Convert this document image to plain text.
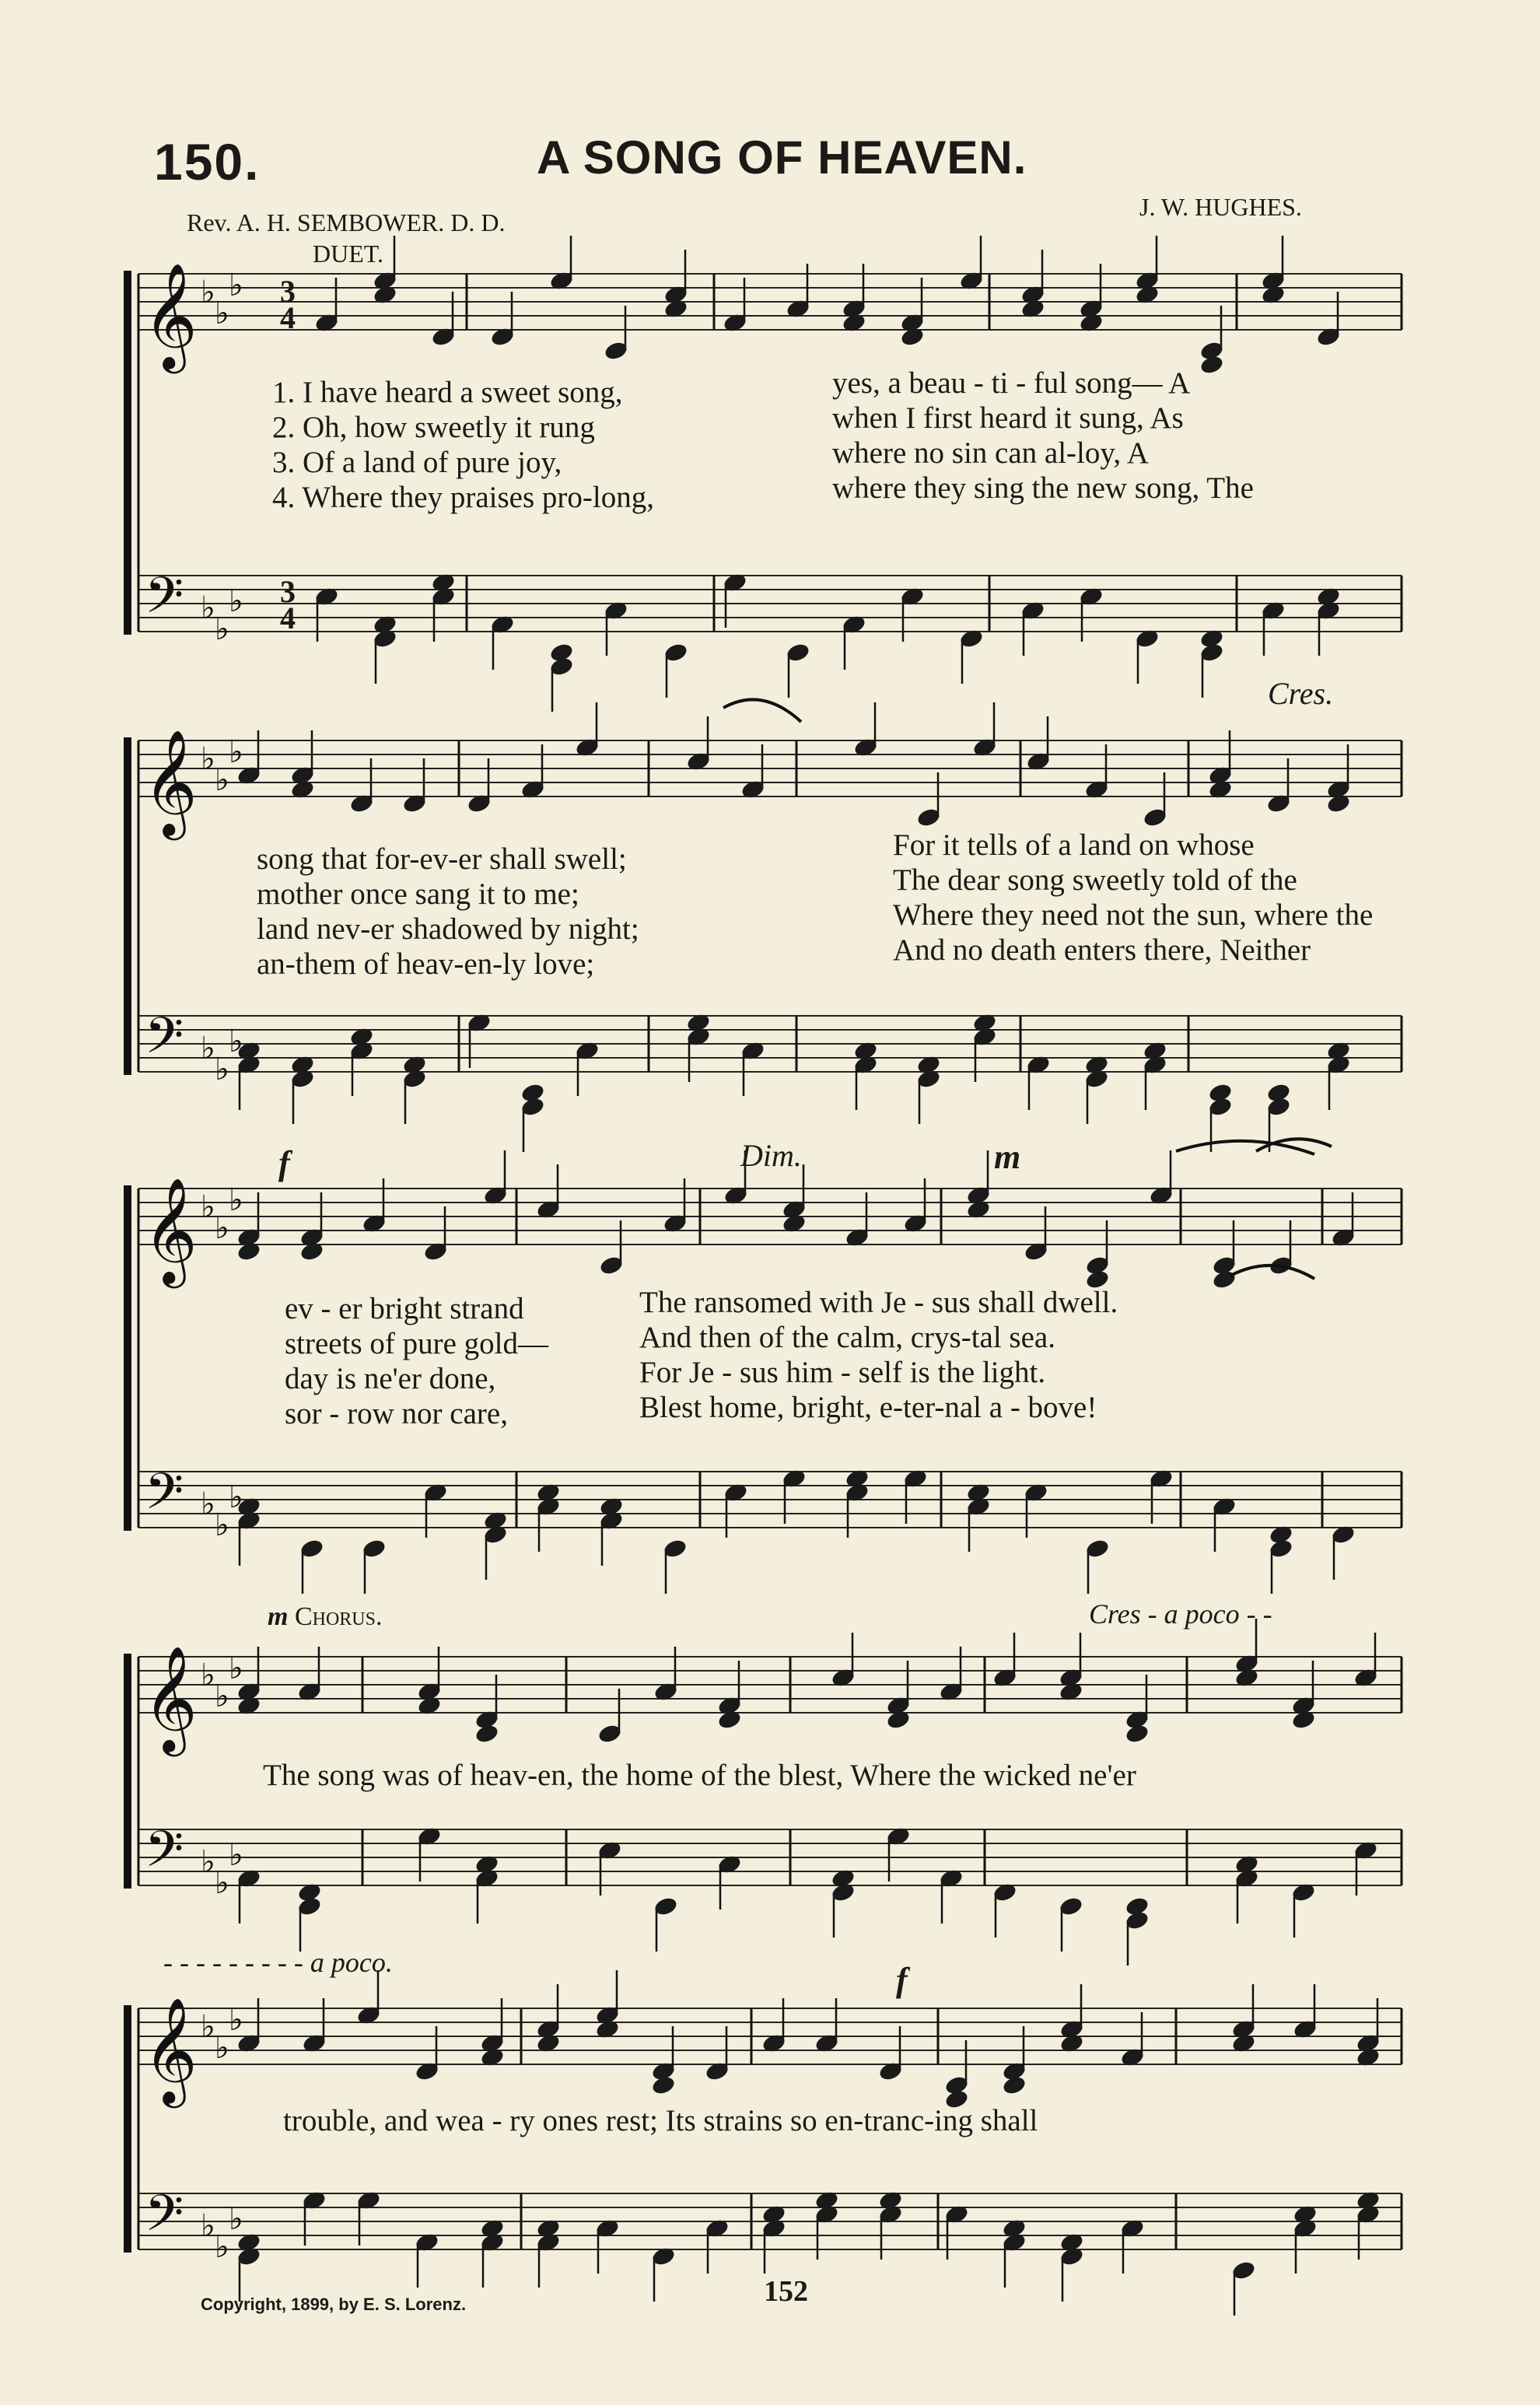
150.	A SONG OF HEAVEN.
Rev. A. H. SEMBOWER. D. D.
J. W. HUGHES.
DUET.
𝄞
𝄢
♭
♭
♭
♭
♭
♭
𝄞
𝄢
♭
♭
♭
♭
♭
♭
𝄞
𝄢
♭
♭
♭
♭
♭
♭
𝄞
𝄢
♭
♭
♭
♭
♭
♭
𝄞
𝄢
♭
♭
♭
♭
♭
♭
3
4
3
4
1. I have heard a sweet song,
2. Oh, how sweetly it rung
3. Of a land of pure joy,
4. Where they praises pro-long,
yes, a beau - ti - ful song— A
when I first heard it sung, As
where no sin can al-loy, A
where they sing the new song, The
Cres.
song that for-ev-er shall swell;
mother once sang it to me;
land nev-er shadowed by night;
an-them of heav-en-ly love;
For it tells of a land on whose
The dear song sweetly told of the
Where they need not the sun, where the
And no death enters there, Neither
f	Dim.	m
ev - er bright strand
streets of pure gold—
day is ne'er done,
sor - row nor care,
The ransomed with Je - sus shall dwell.
And then of the calm, crys-tal sea.
For Je - sus him - self is the light.
Blest home, bright, e-ter-nal a - bove!
m Chorus.	Cres - a poco - -
The song was of heav-en, the home of the blest, Where the wicked ne'er
- - - - - - - - - a poco.	f
trouble, and wea - ry ones rest; Its strains so en-tranc-ing shall
Copyright, 1899, by E. S. Lorenz.	152
